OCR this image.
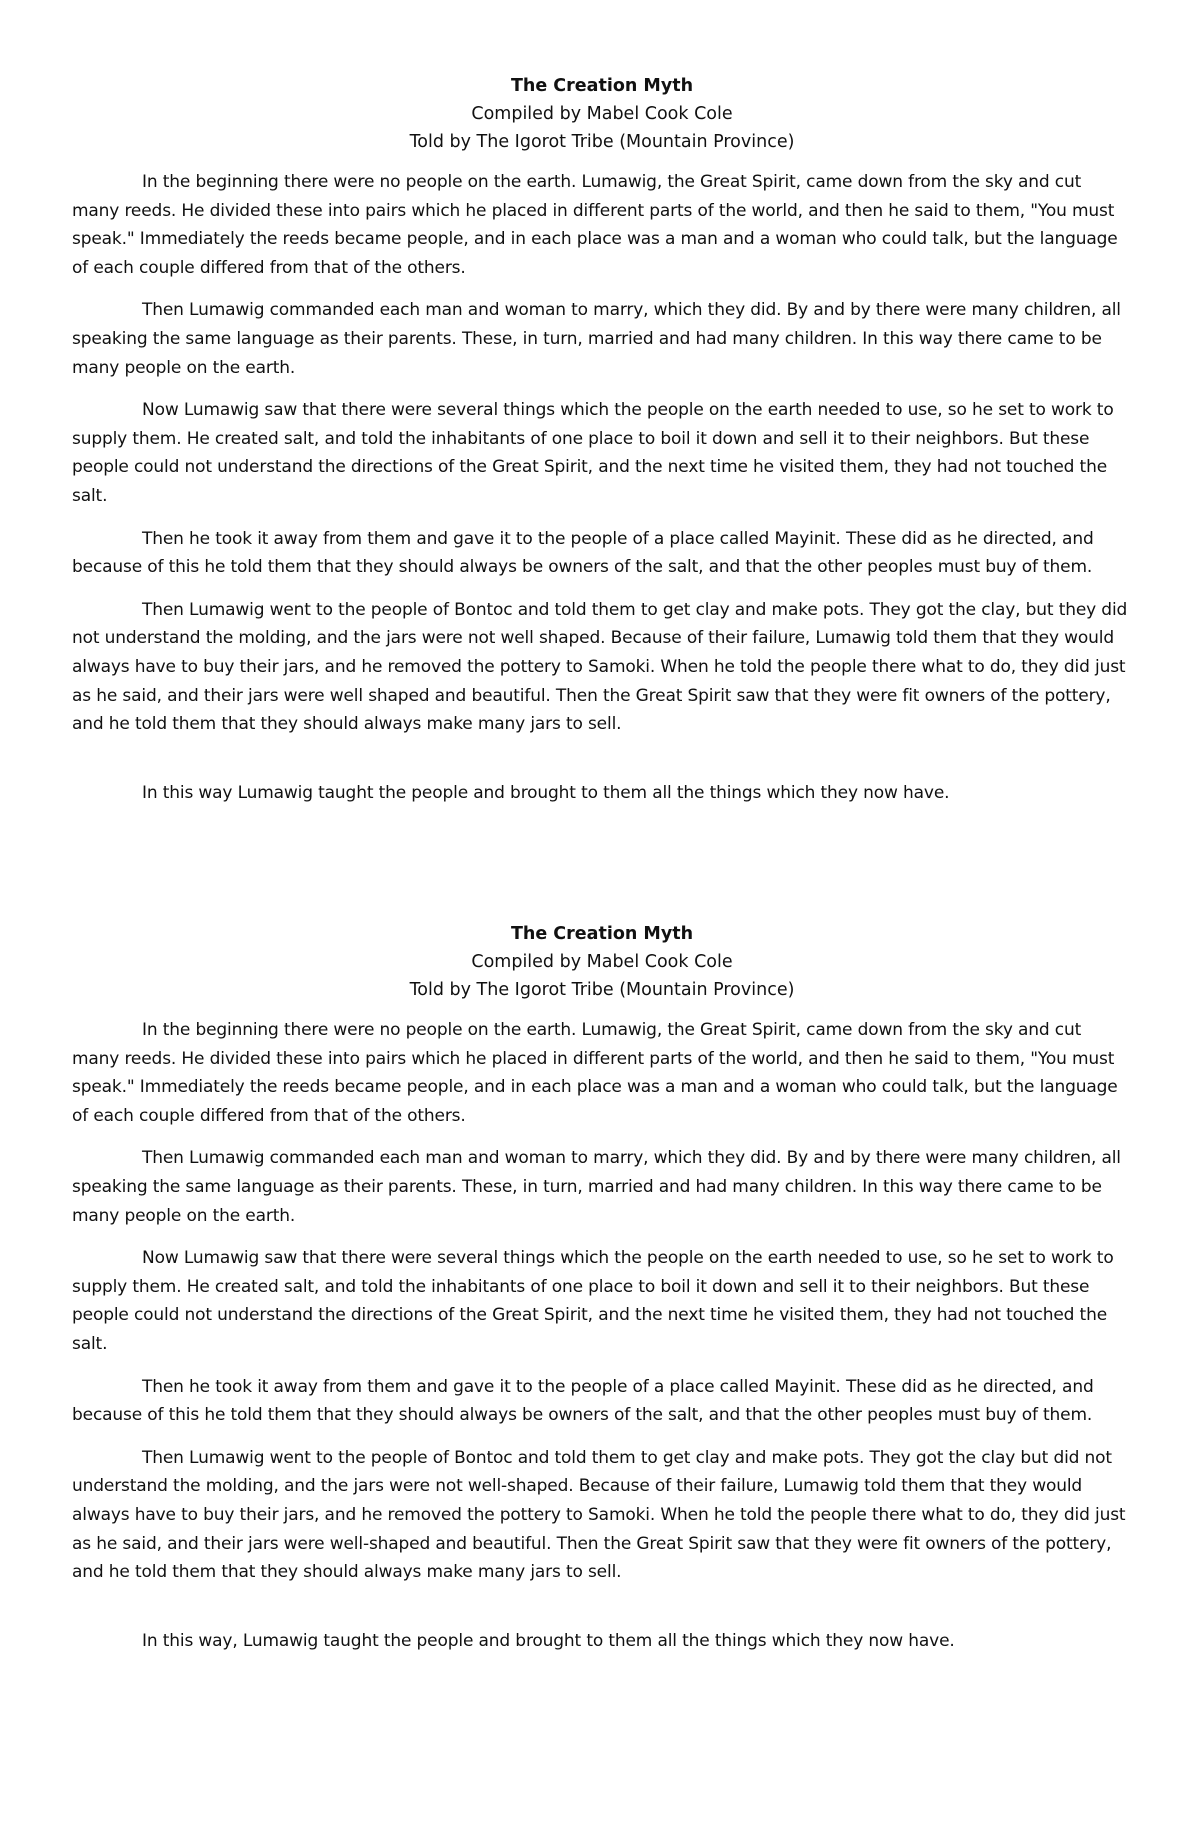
The Creation Myth

Compiled by Mabel Cook Cole

Told by The Igorot Tribe (Mountain Province)

In the beginning there were no people on the earth. Lumawig, the Great Spirit, came down from the sky and cut many reeds. He divided these into pairs which he placed in different parts of the world, and then he said to them, "You must speak." Immediately the reeds became people, and in each place was a man and a woman who could talk, but the language of each couple differed from that of the others.

Then Lumawig commanded each man and woman to marry, which they did. By and by there were many children, all speaking the same language as their parents. These, in turn, married and had many children. In this way there came to be many people on the earth.

Now Lumawig saw that there were several things which the people on the earth needed to use, so he set to work to supply them. He created salt, and told the inhabitants of one place to boil it down and sell it to their neighbors. But these people could not understand the directions of the Great Spirit, and the next time he visited them, they had not touched the salt.

Then he took it away from them and gave it to the people of a place called Mayinit. These did as he directed, and because of this he told them that they should always be owners of the salt, and that the other peoples must buy of them.

Then Lumawig went to the people of Bontoc and told them to get clay and make pots. They got the clay, but they did not understand the molding, and the jars were not well shaped. Because of their failure, Lumawig told them that they would always have to buy their jars, and he removed the pottery to Samoki. When he told the people there what to do, they did just as he said, and their jars were well shaped and beautiful. Then the Great Spirit saw that they were fit owners of the pottery, and he told them that they should always make many jars to sell.

In this way Lumawig taught the people and brought to them all the things which they now have.

The Creation Myth

Compiled by Mabel Cook Cole

Told by The Igorot Tribe (Mountain Province)

In the beginning there were no people on the earth. Lumawig, the Great Spirit, came down from the sky and cut many reeds. He divided these into pairs which he placed in different parts of the world, and then he said to them, "You must speak." Immediately the reeds became people, and in each place was a man and a woman who could talk, but the language of each couple differed from that of the others.

Then Lumawig commanded each man and woman to marry, which they did. By and by there were many children, all speaking the same language as their parents. These, in turn, married and had many children. In this way there came to be many people on the earth.

Now Lumawig saw that there were several things which the people on the earth needed to use, so he set to work to supply them. He created salt, and told the inhabitants of one place to boil it down and sell it to their neighbors. But these people could not understand the directions of the Great Spirit, and the next time he visited them, they had not touched the salt.

Then he took it away from them and gave it to the people of a place called Mayinit. These did as he directed, and because of this he told them that they should always be owners of the salt, and that the other peoples must buy of them.

Then Lumawig went to the people of Bontoc and told them to get clay and make pots. They got the clay but did not understand the molding, and the jars were not well-shaped. Because of their failure, Lumawig told them that they would always have to buy their jars, and he removed the pottery to Samoki. When he told the people there what to do, they did just as he said, and their jars were well-shaped and beautiful. Then the Great Spirit saw that they were fit owners of the pottery, and he told them that they should always make many jars to sell.

In this way, Lumawig taught the people and brought to them all the things which they now have.
